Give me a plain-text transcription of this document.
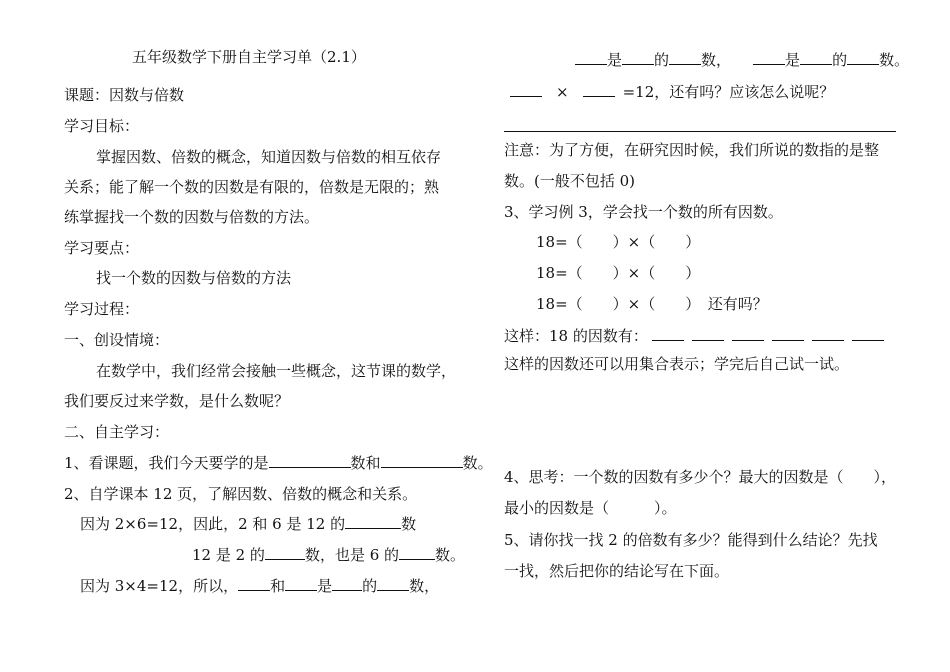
五年级数学下册自主学习单（2.1）
课题：因数与倍数
学习目标：
掌握因数、倍数的概念，知道因数与倍数的相互依存
关系；能了解一个数的因数是有限的，倍数是无限的；熟
练掌握找一个数的因数与倍数的方法。
学习要点：
找一个数的因数与倍数的方法
学习过程：
一、创设情境：
在数学中，我们经常会接触一些概念，这节课的数学，
我们要反过来学数，是什么数呢？
二、自主学习：
1、看课题，我们今天要学的是	数和	数。
2、自学课本 12 页，了解因数、倍数的概念和关系。
因为 2×6=12，因此，2 和 6 是 12 的	数
12 是 2 的	数，也是 6 的 数。
因为 3×4=12，所以， 和 是 的 数，
是 的 数，	是 的 数。
×	=12，还有吗？应该怎么说呢？
注意：为了方便，在研究因时候，我们所说的数指的是整
数。(一般不包括 0)
3、学习例 3，学会找一个数的所有因数。
18=（　　）×（　　）
18=（　　）×（　　）
18=（　　）×（　　）　还有吗？
这样：18 的因数有：
这样的因数还可以用集合表示；学完后自己试一试。
4、思考：一个数的因数有多少个？最大的因数是（　　），
最小的因数是（　　　）。
5、请你找一找 2 的倍数有多少？能得到什么结论？先找
一找，然后把你的结论写在下面。
